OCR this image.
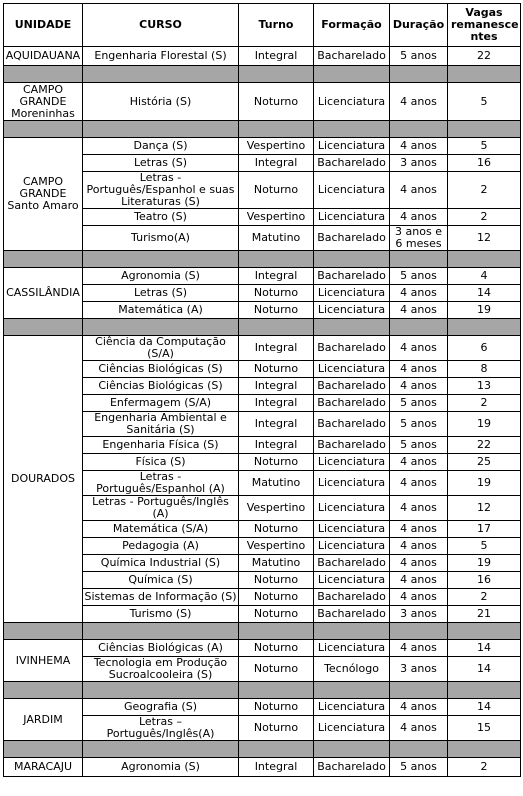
UNIDADE	CURSO	Turno	Formação	Duração	Vagas remanesce ntes
AQUIDAUANA	Engenharia Florestal (S)	Integral	Bacharelado	5 anos	22

CAMPO GRANDE Moreninhas	História (S)	Noturno	Licenciatura	4 anos	5

CAMPO GRANDE Santo Amaro	Dança (S)	Vespertino	Licenciatura	4 anos	5
	Letras (S)	Integral	Bacharelado	3 anos	16
	Letras - Português/Espanhol e suas Literaturas (S)	Noturno	Licenciatura	4 anos	2
	Teatro (S)	Vespertino	Licenciatura	4 anos	2
	Turismo(A)	Matutino	Bacharelado	3 anos e 6 meses	12

CASSILÂNDIA	Agronomia (S)	Integral	Bacharelado	5 anos	4
	Letras (S)	Noturno	Licenciatura	4 anos	14
	Matemática (A)	Noturno	Licenciatura	4 anos	19

DOURADOS	Ciência da Computação (S/A)	Integral	Bacharelado	4 anos	6
	Ciências Biológicas (S)	Noturno	Licenciatura	4 anos	8
	Ciências Biológicas (S)	Integral	Bacharelado	4 anos	13
	Enfermagem (S/A)	Integral	Bacharelado	5 anos	2
	Engenharia Ambiental e Sanitária (S)	Integral	Bacharelado	5 anos	19
	Engenharia Física (S)	Integral	Bacharelado	5 anos	22
	Física (S)	Noturno	Licenciatura	4 anos	25
	Letras - Português/Espanhol (A)	Matutino	Licenciatura	4 anos	19
	Letras - Português/Inglês (A)	Vespertino	Licenciatura	4 anos	12
	Matemática (S/A)	Noturno	Licenciatura	4 anos	17
	Pedagogia (A)	Vespertino	Licenciatura	4 anos	5
	Química Industrial (S)	Matutino	Bacharelado	4 anos	19
	Química (S)	Noturno	Licenciatura	4 anos	16
	Sistemas de Informação (S)	Noturno	Bacharelado	4 anos	2
	Turismo (S)	Noturno	Bacharelado	3 anos	21

IVINHEMA	Ciências Biológicas (A)	Noturno	Licenciatura	4 anos	14
	Tecnologia em Produção Sucroalcooleira (S)	Noturno	Tecnólogo	3 anos	14

JARDIM	Geografia (S)	Noturno	Licenciatura	4 anos	14
	Letras – Português/Inglês(A)	Noturno	Licenciatura	4 anos	15

MARACAJU	Agronomia (S)	Integral	Bacharelado	5 anos	2
